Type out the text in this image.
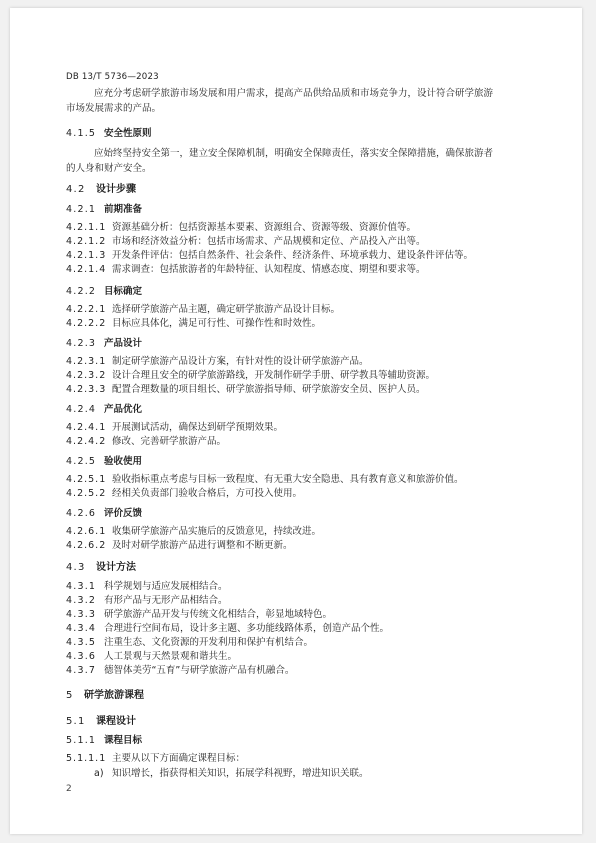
DB 13/T 5736—2023
应充分考虑研学旅游市场发展和用户需求，提高产品供给品质和市场竞争力，设计符合研学旅游
市场发展需求的产品。
4.1.5 安全性原则
应始终坚持安全第一，建立安全保障机制，明确安全保障责任，落实安全保障措施，确保旅游者
的人身和财产安全。
4.2 设计步骤
4.2.1 前期准备
4.2.1.1 资源基础分析：包括资源基本要素、资源组合、资源等级、资源价值等。
4.2.1.2 市场和经济效益分析：包括市场需求、产品规模和定位、产品投入产出等。
4.2.1.3 开发条件评估：包括自然条件、社会条件、经济条件、环境承载力、建设条件评估等。
4.2.1.4 需求调查：包括旅游者的年龄特征、认知程度、情感态度、期望和要求等。
4.2.2 目标确定
4.2.2.1 选择研学旅游产品主题，确定研学旅游产品设计目标。
4.2.2.2 目标应具体化，满足可行性、可操作性和时效性。
4.2.3 产品设计
4.2.3.1 制定研学旅游产品设计方案，有针对性的设计研学旅游产品。
4.2.3.2 设计合理且安全的研学旅游路线，开发制作研学手册、研学教具等辅助资源。
4.2.3.3 配置合理数量的项目组长、研学旅游指导师、研学旅游安全员、医护人员。
4.2.4 产品优化
4.2.4.1 开展测试活动，确保达到研学预期效果。
4.2.4.2 修改、完善研学旅游产品。
4.2.5 验收使用
4.2.5.1 验收指标重点考虑与目标一致程度、有无重大安全隐患、具有教育意义和旅游价值。
4.2.5.2 经相关负责部门验收合格后，方可投入使用。
4.2.6 评价反馈
4.2.6.1 收集研学旅游产品实施后的反馈意见，持续改进。
4.2.6.2 及时对研学旅游产品进行调整和不断更新。
4.3 设计方法
4.3.1 科学规划与适应发展相结合。
4.3.2 有形产品与无形产品相结合。
4.3.3 研学旅游产品开发与传统文化相结合，彰显地域特色。
4.3.4 合理进行空间布局，设计多主题、多功能线路体系，创造产品个性。
4.3.5 注重生态、文化资源的开发利用和保护有机结合。
4.3.6 人工景观与天然景观和谐共生。
4.3.7 德智体美劳“五育”与研学旅游产品有机融合。
5 研学旅游课程
5.1 课程设计
5.1.1 课程目标
5.1.1.1 主要从以下方面确定课程目标：
a) 知识增长，指获得相关知识，拓展学科视野，增进知识关联。
2
